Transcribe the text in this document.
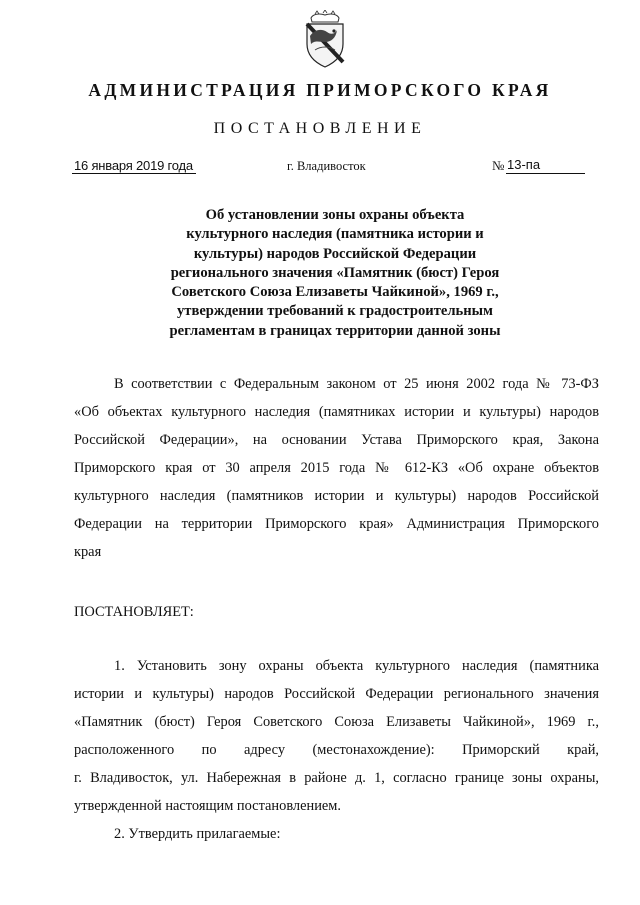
АДМИНИСТРАЦИЯ ПРИМОРСКОГО КРАЯ
ПОСТАНОВЛЕНИЕ
16 января 2019 года	г. Владивосток	№ 13-па
Об установлении зоны охраны объекта
культурного наследия (памятника истории и
культуры) народов Российской Федерации
регионального значения «Памятник (бюст) Героя
Советского Союза Елизаветы Чайкиной», 1969 г.,
утверждении требований к градостроительным
регламентам в границах территории данной зоны
В соответствии с Федеральным законом от 25 июня 2002 года № 73-ФЗ
«Об объектах культурного наследия (памятниках истории и культуры) народов
Российской Федерации», на основании Устава Приморского края, Закона
Приморского края от 30 апреля 2015 года № 612-КЗ «Об охране объектов
культурного наследия (памятников истории и культуры) народов Российской
Федерации на территории Приморского края» Администрация Приморского
края
ПОСТАНОВЛЯЕТ:
1. Установить зону охраны объекта культурного наследия (памятника
истории и культуры) народов Российской Федерации регионального значения
«Памятник (бюст) Героя Советского Союза Елизаветы Чайкиной», 1969 г.,
расположенного по адресу (местонахождение): Приморский край,
г. Владивосток, ул. Набережная в районе д. 1, согласно границе зоны охраны,
утвержденной настоящим постановлением.
2. Утвердить прилагаемые:
